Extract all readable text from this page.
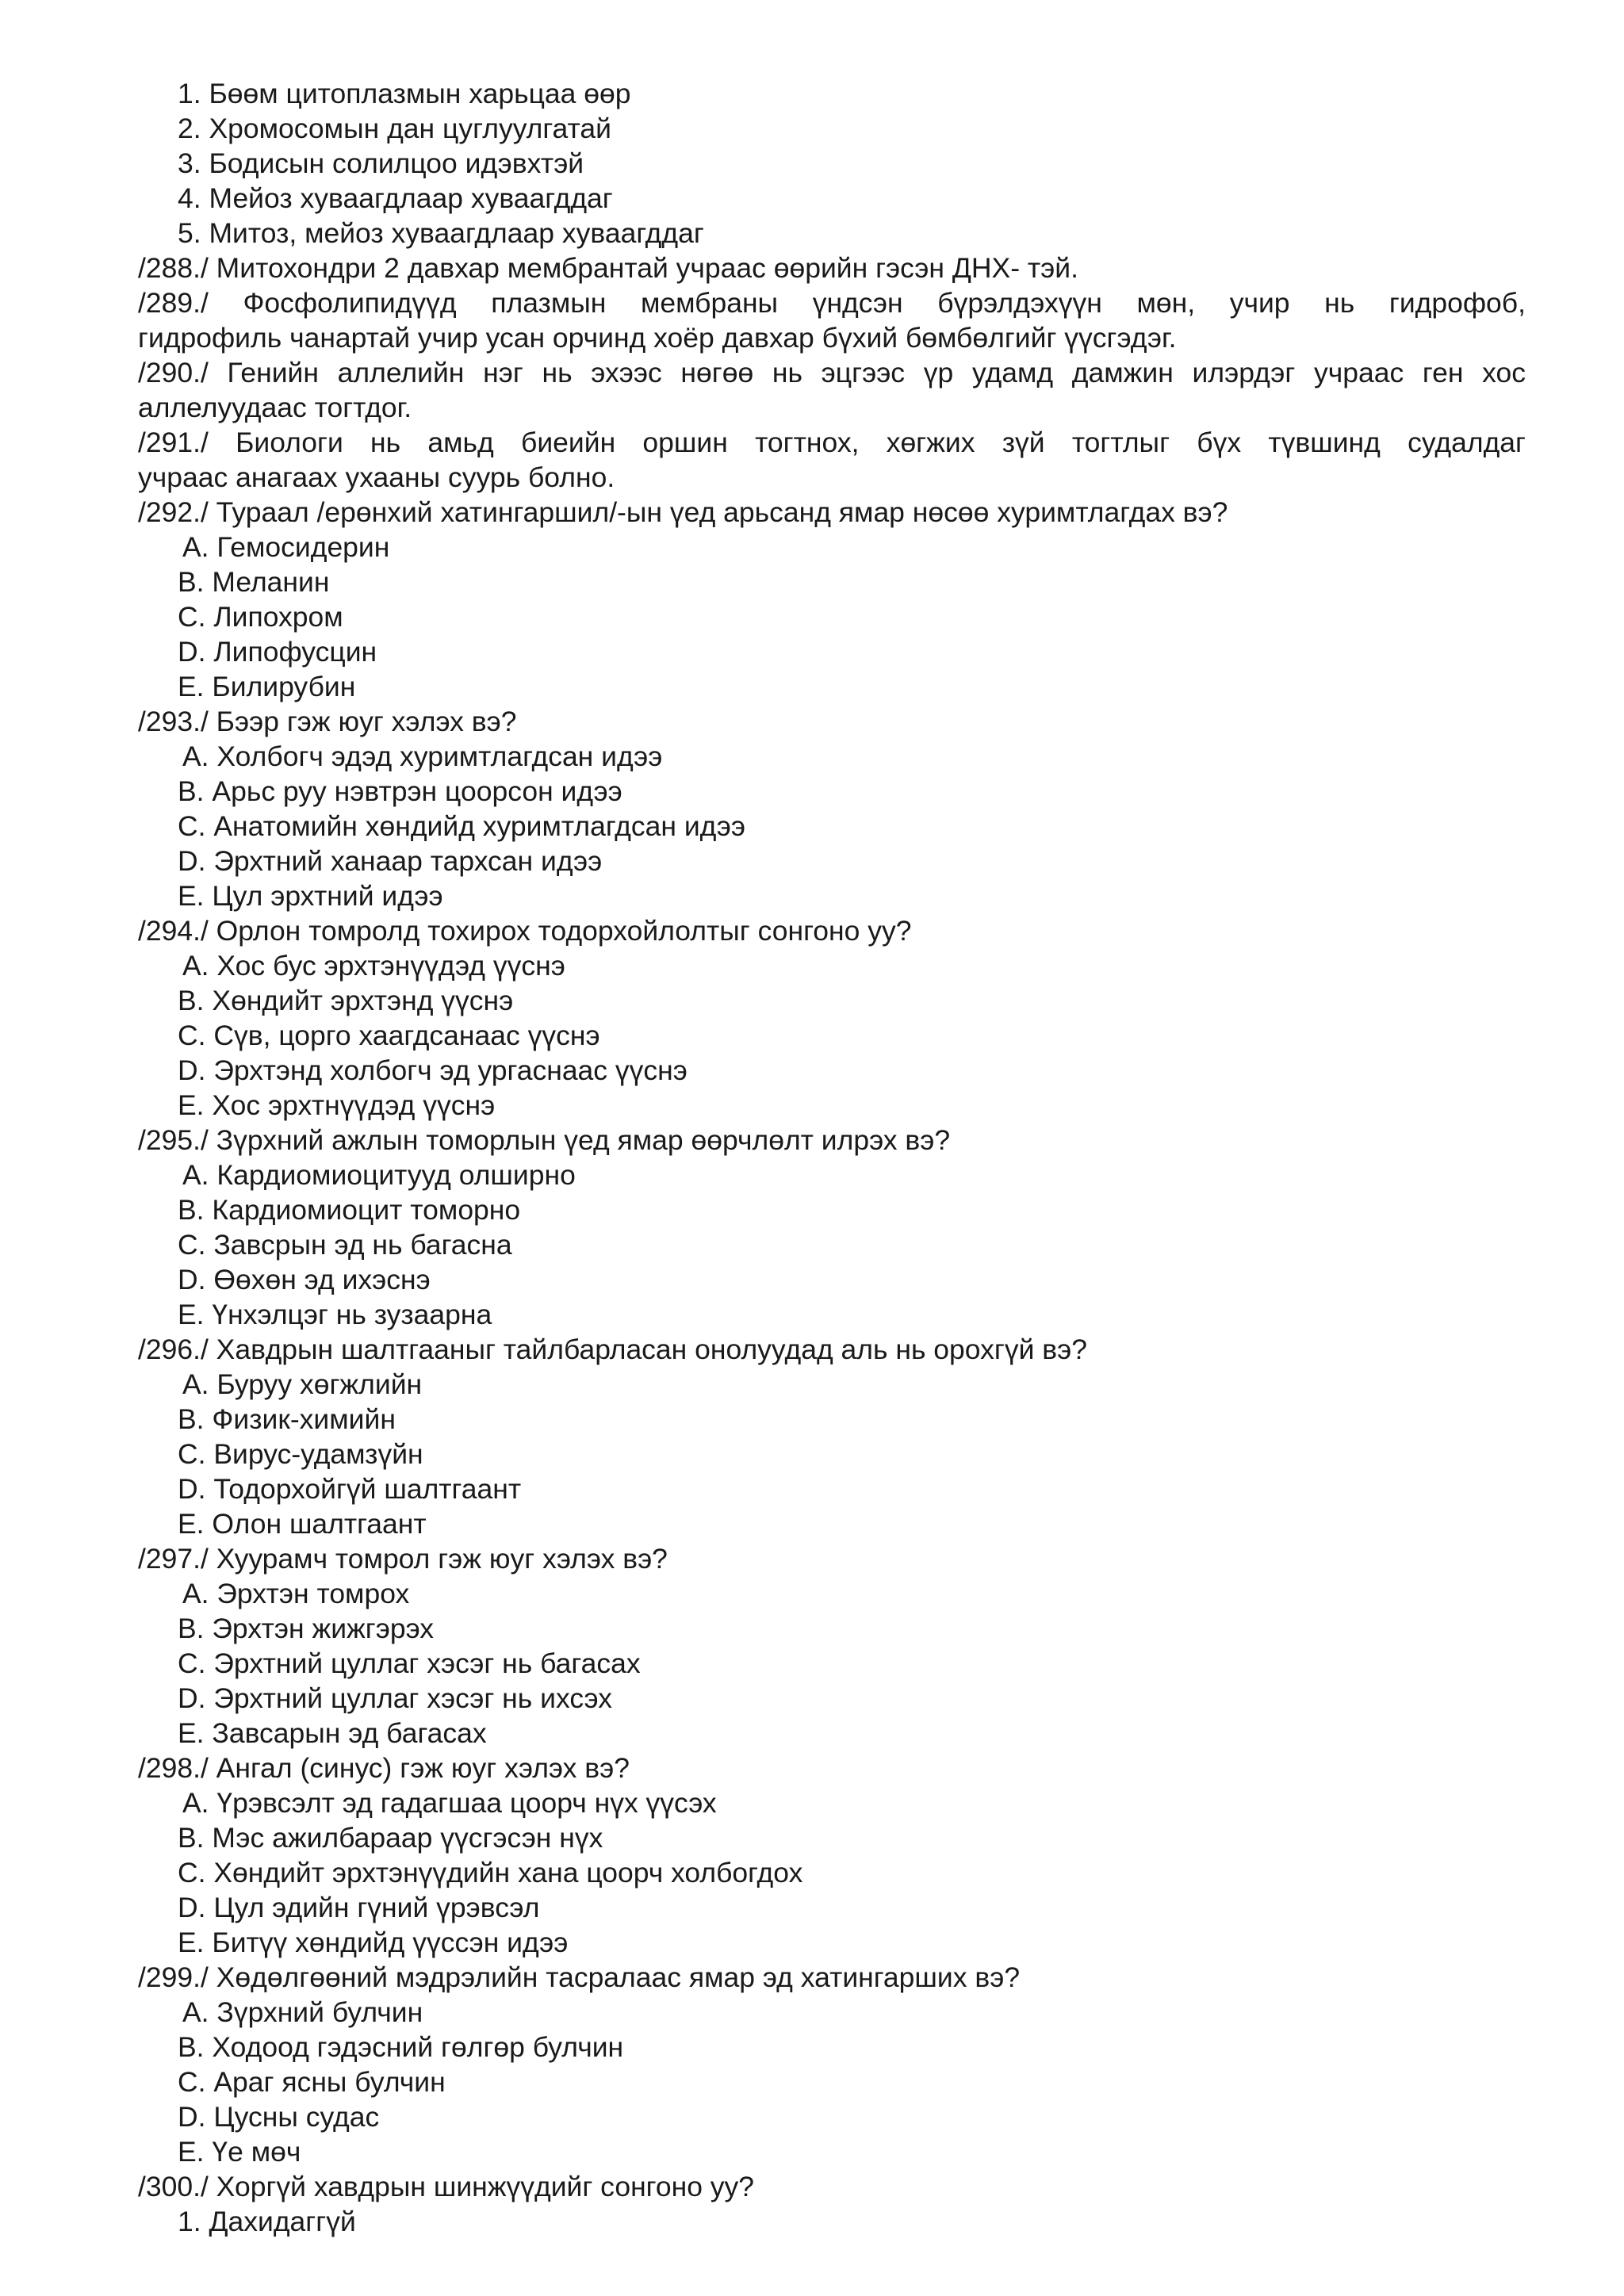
1. Бөөм цитоплазмын харьцаа өөр
2. Хромосомын дан цуглуулгатай
3. Бодисын солилцоо идэвхтэй
4. Мейоз хуваагдлаар хуваагддаг
5. Митоз, мейоз хуваагдлаар хуваагддаг
/288./ Митохондри 2 давхар мембрантай учраас өөрийн гэсэн ДНХ- тэй.
/289./ Фосфолипидүүд плазмын мембраны үндсэн бүрэлдэхүүн мөн, учир нь гидрофоб,
гидрофиль чанартай учир усан орчинд хоёр давхар бүхий бөмбөлгийг үүсгэдэг.
/290./ Генийн аллелийн нэг нь эхээс нөгөө нь эцгээс үр удамд дамжин илэрдэг учраас ген хос
аллелуудаас тогтдог.
/291./ Биологи нь амьд биеийн оршин тогтнох, хөгжих зүй тогтлыг бүх түвшинд судалдаг
учраас анагаах ухааны суурь болно.
/292./ Тураал /ерөнхий хатингаршил/-ын үед арьсанд ямар нөсөө хуримтлагдах вэ?
A. Гемосидерин
B. Меланин
C. Липохром
D. Липофусцин
E. Билирубин
/293./ Бээр гэж юуг хэлэх вэ?
A. Холбогч эдэд хуримтлагдсан идээ
B. Арьс руу нэвтрэн цоорсон идээ
C. Анатомийн хөндийд хуримтлагдсан идээ
D. Эрхтний ханаар тархсан идээ
E. Цул эрхтний идээ
/294./ Орлон томролд тохирох тодорхойлолтыг сонгоно уу?
A. Хос бус эрхтэнүүдэд үүснэ
B. Хөндийт эрхтэнд үүснэ
C. Сүв, цорго хаагдсанаас үүснэ
D. Эрхтэнд холбогч эд ургаснаас үүснэ
E. Хос эрхтнүүдэд үүснэ
/295./ Зүрхний ажлын томорлын үед ямар өөрчлөлт илрэх вэ?
A. Кардиомиоцитууд олширно
B. Кардиомиоцит томорно
C. Завсрын эд нь багасна
D. Өөхөн эд ихэснэ
E. Үнхэлцэг нь зузаарна
/296./ Хавдрын шалтгааныг тайлбарласан онолуудад аль нь орохгүй вэ?
A. Буруу хөгжлийн
B. Физик-химийн
C. Вирус-удамзүйн
D. Тодорхойгүй шалтгаант
E. Олон шалтгаант
/297./ Хуурамч томрол гэж юуг хэлэх вэ?
A. Эрхтэн томрох
B. Эрхтэн жижгэрэх
C. Эрхтний цуллаг хэсэг нь багасах
D. Эрхтний цуллаг хэсэг нь ихсэх
E. Завсарын эд багасах
/298./ Ангал (синус) гэж юуг хэлэх вэ?
A. Үрэвсэлт эд гадагшаа цоорч нүх үүсэх
B. Мэс ажилбараар үүсгэсэн нүх
C. Хөндийт эрхтэнүүдийн хана цоорч холбогдох
D. Цул эдийн гүний үрэвсэл
E. Битүү хөндийд үүссэн идээ
/299./ Хөдөлгөөний мэдрэлийн тасралаас ямар эд хатингарших вэ?
A. Зүрхний булчин
B. Ходоод гэдэсний гөлгөр булчин
C. Араг ясны булчин
D. Цусны судас
E. Үе мөч
/300./ Хоргүй хавдрын шинжүүдийг сонгоно уу?
1. Дахидаггүй
